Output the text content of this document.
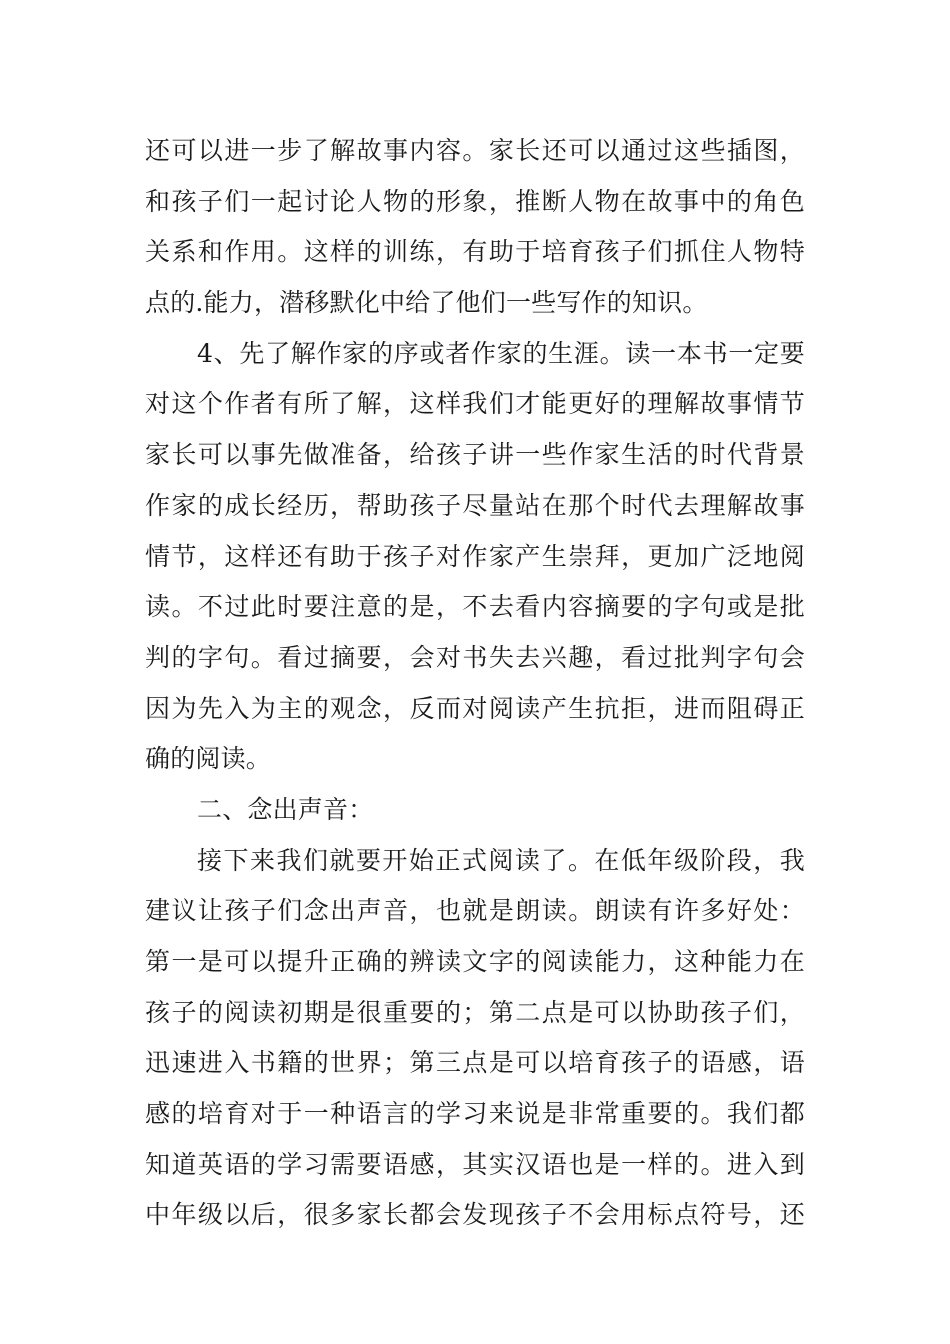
还可以进一步了解故事内容。家长还可以通过这些插图，
和孩子们一起讨论人物的形象，推断人物在故事中的角色
关系和作用。这样的训练，有助于培育孩子们抓住人物特
点的.能力，潜移默化中给了他们一些写作的知识。
4、先了解作家的序或者作家的生涯。读一本书一定要
对这个作者有所了解，这样我们才能更好的理解故事情节
家长可以事先做准备，给孩子讲一些作家生活的时代背景
作家的成长经历，帮助孩子尽量站在那个时代去理解故事
情节，这样还有助于孩子对作家产生崇拜，更加广泛地阅
读。不过此时要注意的是，不去看内容摘要的字句或是批
判的字句。看过摘要，会对书失去兴趣，看过批判字句会
因为先入为主的观念，反而对阅读产生抗拒，进而阻碍正
确的阅读。
二、念出声音：
接下来我们就要开始正式阅读了。在低年级阶段，我
建议让孩子们念出声音，也就是朗读。朗读有许多好处：
第一是可以提升正确的辨读文字的阅读能力，这种能力在
孩子的阅读初期是很重要的；第二点是可以协助孩子们，
迅速进入书籍的世界；第三点是可以培育孩子的语感，语
感的培育对于一种语言的学习来说是非常重要的。我们都
知道英语的学习需要语感，其实汉语也是一样的。进入到
中年级以后，很多家长都会发现孩子不会用标点符号，还
